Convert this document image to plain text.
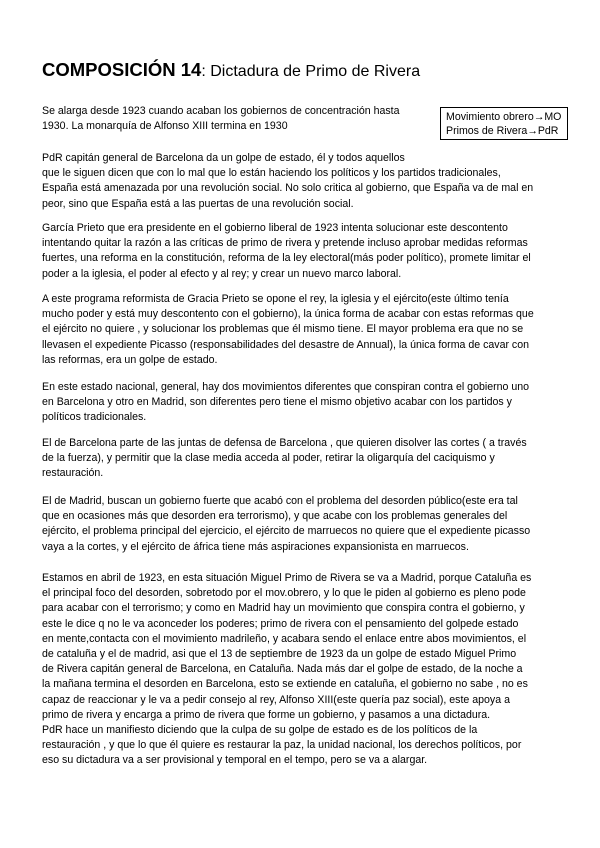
COMPOSICIÓN 14: Dictadura de Primo de Rivera
Movimiento obrero→MO
Primos de Rivera→PdR

Se alarga desde 1923 cuando acaban los gobiernos de concentración hasta
1930. La monarquía de Alfonso XIII termina en 1930

PdR capitán general de Barcelona da un golpe de estado, él y todos aquellos
que le siguen dicen que con lo mal que lo están haciendo los políticos y los partidos tradicionales,
España está amenazada por una revolución social. No solo critica al gobierno, que España va de mal en
peor, sino que España está a las puertas de una revolución social.

García Prieto que era presidente en el gobierno liberal de 1923 intenta solucionar este descontento
intentando quitar la razón a las críticas de primo de rivera y pretende incluso aprobar medidas reformas
fuertes, una reforma en la constitución, reforma de la ley electoral(más poder político), promete limitar el
poder a la iglesia, el poder al efecto y al rey; y crear un nuevo marco laboral.

A este programa reformista de Gracia Prieto se opone el rey, la iglesia y el ejército(este último tenía
mucho poder y está muy descontento con el gobierno), la única forma de acabar con estas reformas que
el ejército no quiere , y solucionar los problemas que él mismo tiene. El mayor problema era que no se
llevasen el expediente Picasso (responsabilidades del desastre de Annual), la única forma de cavar con
las reformas, era un golpe de estado.

En este estado nacional, general, hay dos movimientos diferentes que conspiran contra el gobierno uno
en Barcelona y otro en Madrid, son diferentes pero tiene el mismo objetivo acabar con los partidos y
políticos tradicionales.

El de Barcelona parte de las juntas de defensa de Barcelona , que quieren disolver las cortes ( a través
de la fuerza), y permitir que la clase media acceda al poder, retirar la oligarquía del caciquismo y
restauración.

El de Madrid, buscan un gobierno fuerte que acabó con el problema del desorden público(este era tal
que en ocasiones más que desorden era terrorismo), y que acabe con los problemas generales del
ejército, el problema principal del ejercicio, el ejército de marruecos no quiere que el expediente picasso
vaya a la cortes, y el ejército de áfrica tiene más aspiraciones expansionista en marruecos.

Estamos en abril de 1923, en esta situación Miguel Primo de Rivera se va a Madrid, porque Cataluña es
el principal foco del desorden, sobretodo por el mov.obrero, y lo que le piden al gobierno es pleno pode
para acabar con el terrorismo; y como en Madrid hay un movimiento que conspira contra el gobierno, y
este le dice q no le va aconceder los poderes; primo de rivera con el pensamiento del golpede estado
en mente,contacta con el movimiento madrileño, y acabara sendo el enlace entre abos movimientos, el
de cataluña y el de madrid, asi que el 13 de septiembre de 1923 da un golpe de estado Miguel Primo
de Rivera capitán general de Barcelona, en Cataluña. Nada más dar el golpe de estado, de la noche a
la mañana termina el desorden en Barcelona, esto se extiende en cataluña, el gobierno no sabe , no es
capaz de reaccionar y le va a pedir consejo al rey, Alfonso XIII(este quería paz social), este apoya a
primo de rivera y encarga a primo de rivera que forme un gobierno, y pasamos a una dictadura.
PdR hace un manifiesto diciendo que la culpa de su golpe de estado es de los políticos de la
restauración , y que lo que él quiere es restaurar la paz, la unidad nacional, los derechos políticos, por
eso su dictadura va a ser provisional y temporal en el tempo, pero se va a alargar.
